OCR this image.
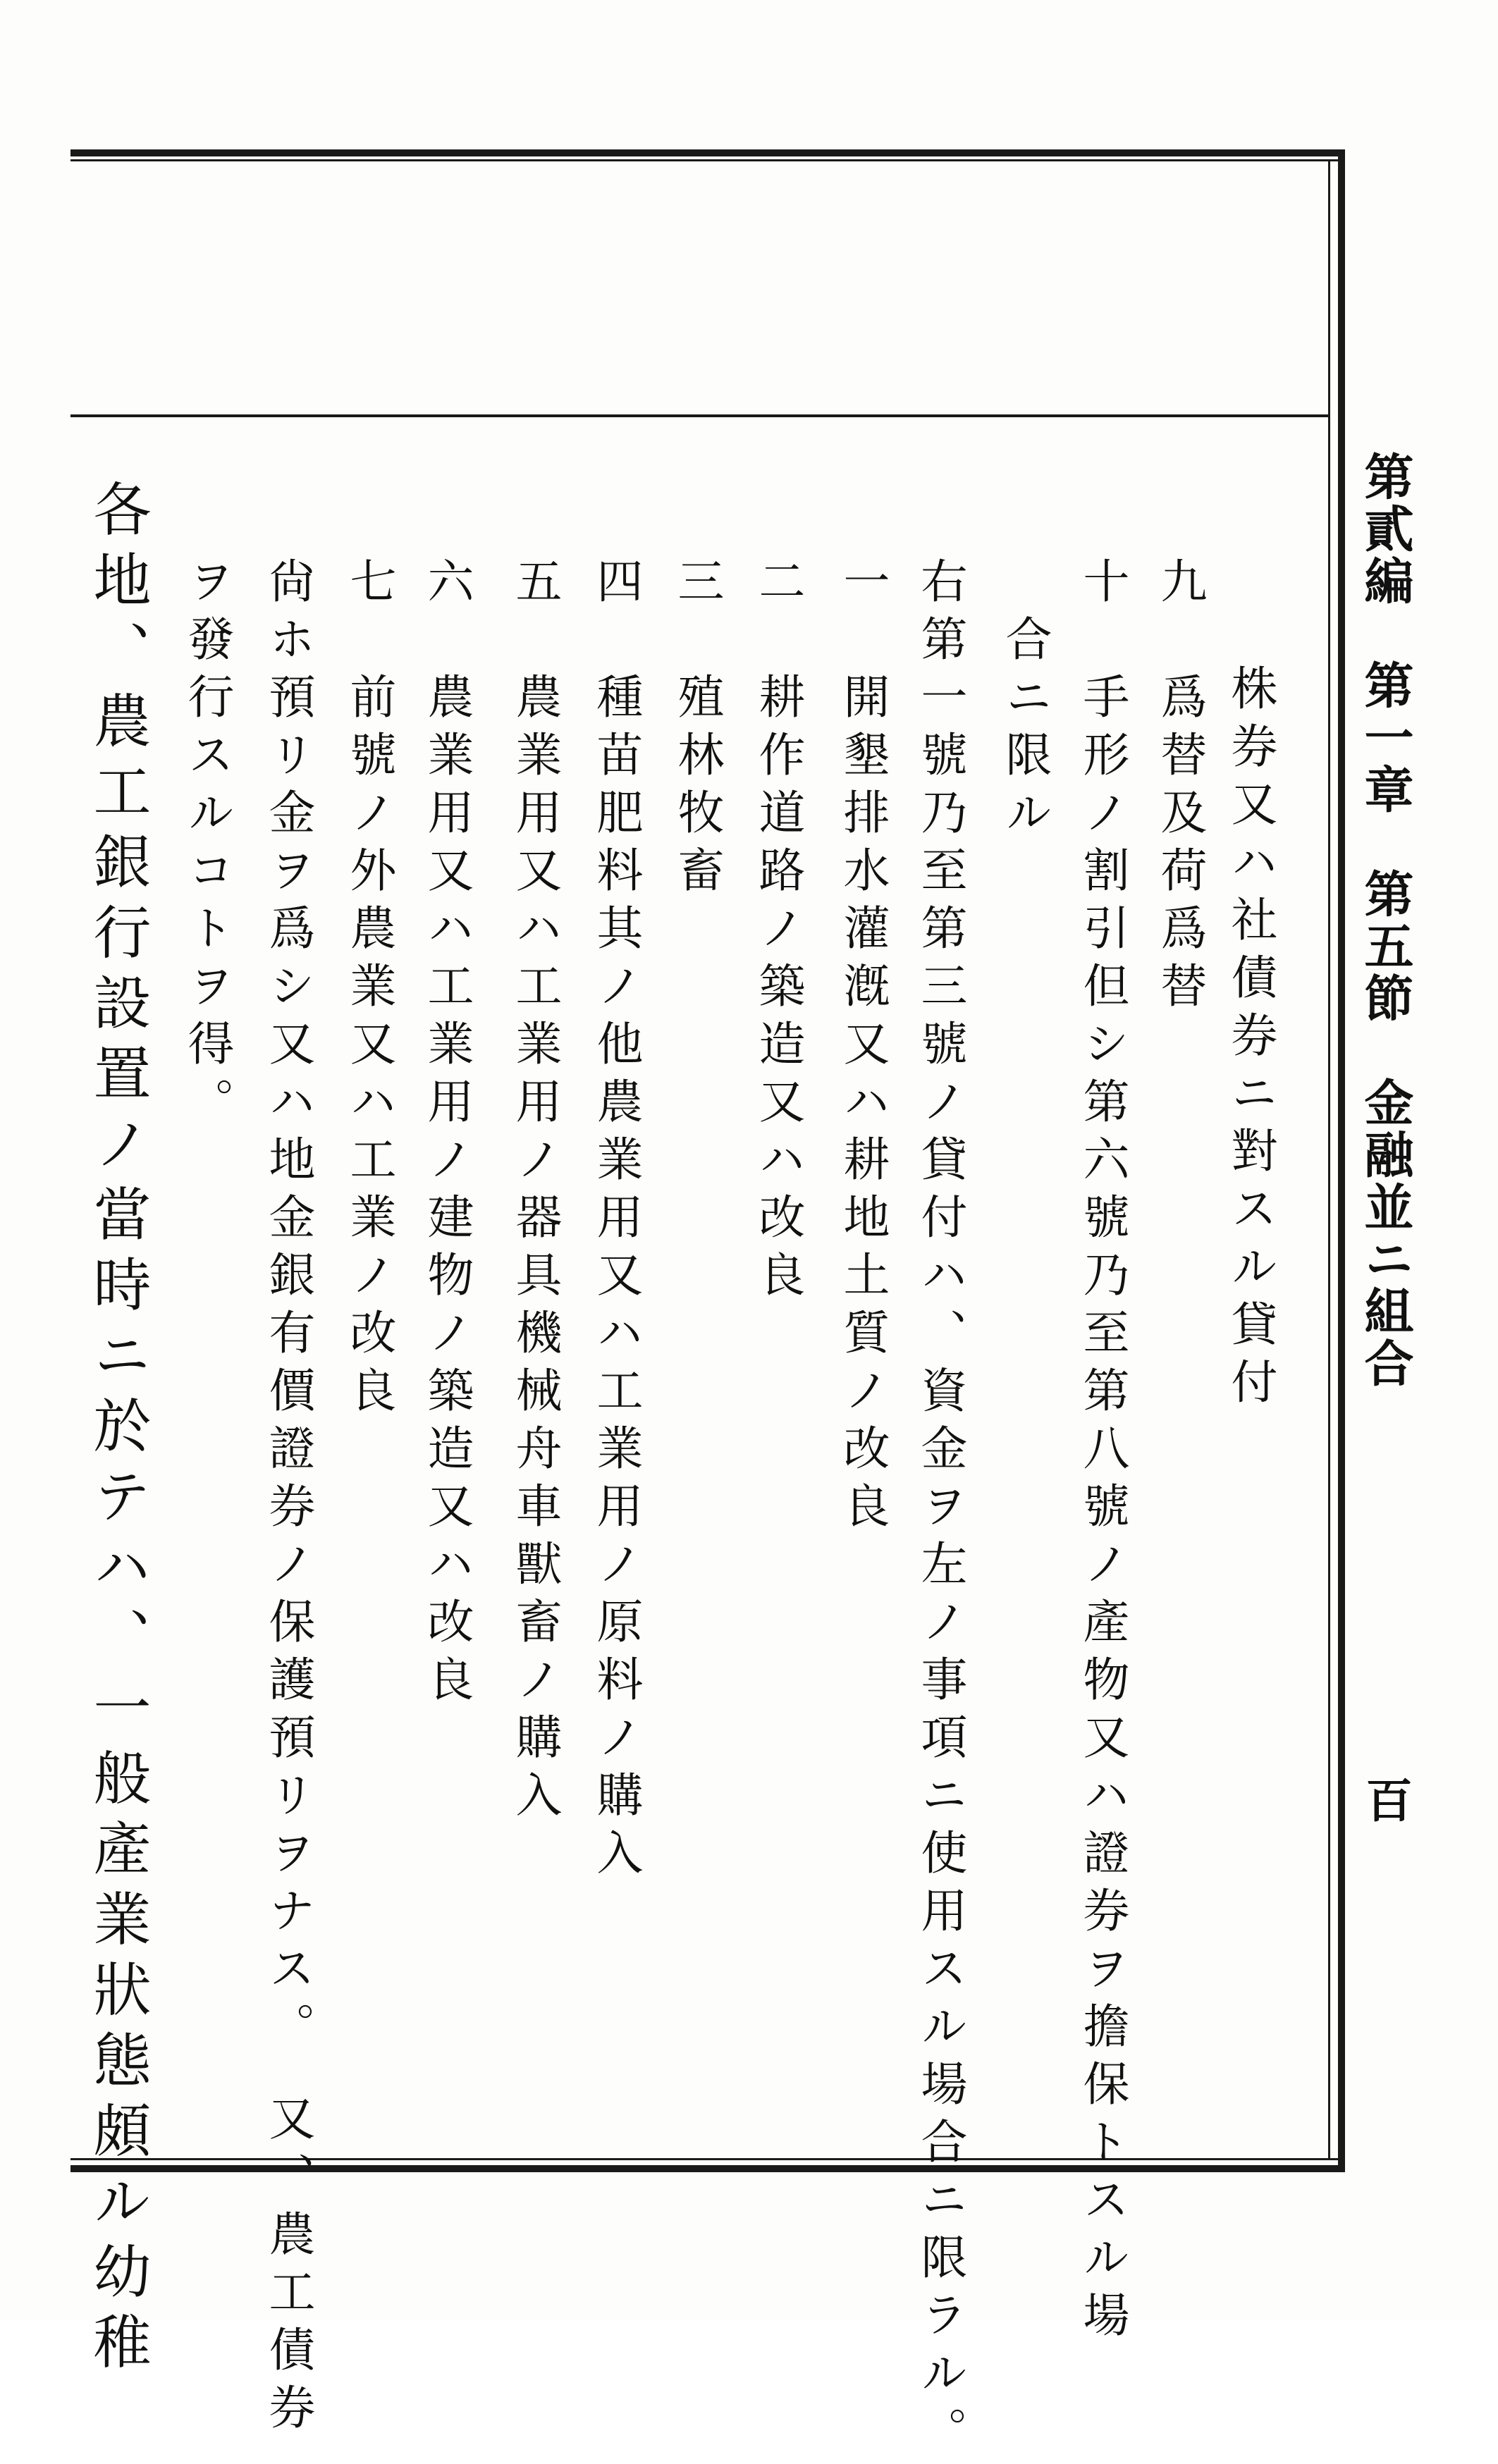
第貳編　第一章　第五節　金融並ニ組合
百
　株券又ハ社債券ニ對スル貸付
九　爲替及荷爲替
十　手形ノ割引但シ第六號乃至第八號ノ產物又ハ證券ヲ擔保トスル場
　合ニ限ル
右第一號乃至第三號ノ貸付ハ、資金ヲ左ノ事項ニ使用スル場合ニ限ラル。
一　開墾排水灌漑又ハ耕地土質ノ改良
二　耕作道路ノ築造又ハ改良
三　殖林牧畜
四　種苗肥料其ノ他農業用又ハ工業用ノ原料ノ購入
五　農業用又ハ工業用ノ器具機械舟車獸畜ノ購入
六　農業用又ハ工業用ノ建物ノ築造又ハ改良
七　前號ノ外農業又ハ工業ノ改良
尙ホ預リ金ヲ爲シ又ハ地金銀有價證券ノ保護預リヲナス。　又、農工債券
ヲ發行スルコトヲ得。
各地、農工銀行設置ノ當時ニ於テハ、一般產業狀態頗ル幼稚
